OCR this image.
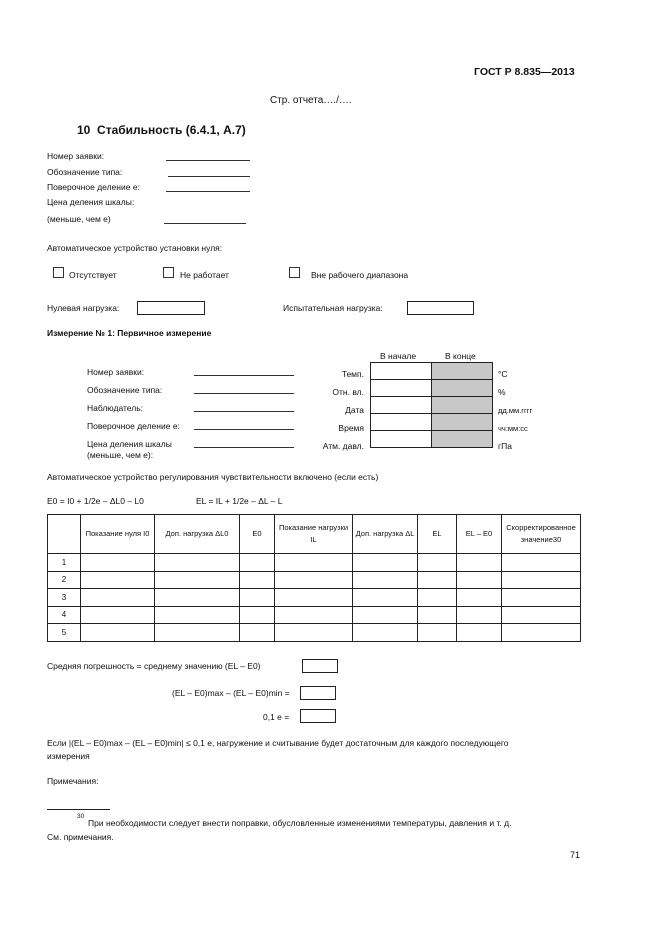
ГОСТ Р 8.835—2013
Стр. отчета…./….
10 Стабильность (6.4.1, А.7)
Номер заявки:
Обозначение типа:
Поверочное деление e:
Цена деления шкалы:
(меньше, чем e)
Автоматическое устройство установки нуля:
Отсутствует	Не работает	Вне рабочего диапазона
Нулевая нагрузка:	Испытательная нагрузка:
Измерение № 1: Первичное измерение
Номер заявки:
Обозначение типа:
Наблюдатель:
Поверочное деление e:
Цена деления шкалы
(меньше, чем e):
В начале	В конце
Темп.
Отн. вл.
Дата
Время
Атм. давл.

°C
%
дд.мм.гггг
чч:мм:сс
гПа
Автоматическое устройство регулирования чувствительности включено (если есть)
E0 = I0 + 1/2e – ΔL0 – L0	EL = IL + 1/2e – ΔL – L
	Показание нуля I0	Доп. нагрузка ΔL0	E0	Показание нагрузки IL	Доп. нагрузка ΔL	EL	EL – E0	Скорректированное значение30
1								
2								
3								
4								
5								
Средняя погрешность = среднему значению (EL – E0)
(EL – E0)max – (EL – E0)min =
0,1 e =
Если |(EL – E0)max – (EL – E0)min| ≤ 0,1 e, нагружение и считывание будет достаточным для каждого последующего
измерения
Примечания:
30
При необходимости следует внести поправки, обусловленные изменениями температуры, давления и т. д.
См. примечания.
71
